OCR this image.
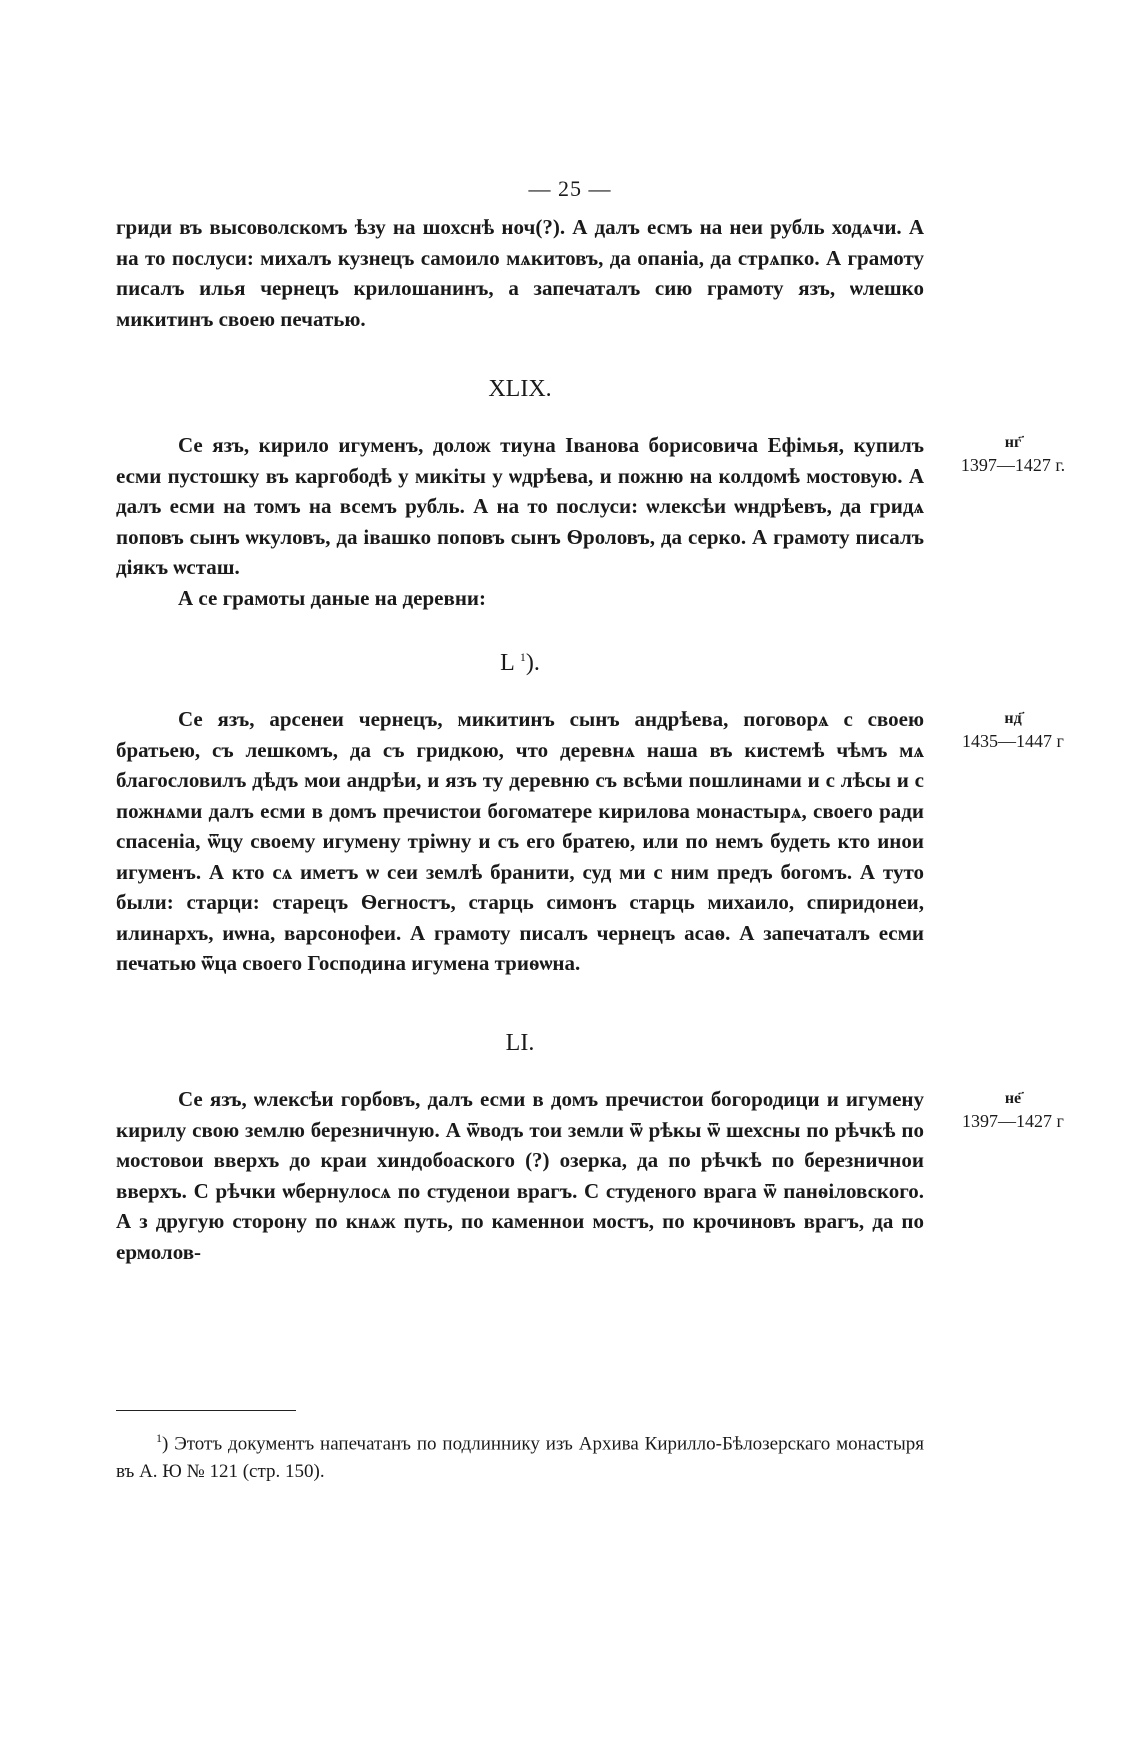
— 25 —

гриди въ высоволскомъ ѣзу на шохснѣ ноч(?). А далъ есмъ на неи рубль ходѧчи. А на то послуси: михалъ кузнецъ самоило мѧкитовъ, да опанiа, да стрѧпко. А грамоту писалъ илья чернецъ крилошанинъ, а запечаталъ сию грамоту язъ, ѡлешко микитинъ своею печатью.

XLIX.
нг҃
1397—1427 г.

Се язъ, кирило игуменъ, долож тиуна Iванова борисовича Ефiмья, купилъ есми пустошку въ каргободѣ у микiты у ѡдрѣева, и пожню на колдомѣ мостовую. А далъ есми на томъ на всемъ рубль. А на то послуси: ѡлексѣи ѡндрѣевъ, да гридѧ поповъ сынъ ѡкуловъ, да iвашко поповъ сынъ Ѳроловъ, да серко. А грамоту писалъ дiякъ ѡсташ.

А се грамоты даные на деревни:

L $^1$).
нд҃
1435—1447 г

Се язъ, арсенеи чернецъ, микитинъ сынъ андрѣева, поговорѧ с своею братьею, съ лешкомъ, да съ гридкою, что деревнѧ наша въ кистемѣ чѣмъ мѧ благословилъ дѣдъ мои андрѣи, и язъ ту деревню съ всѣми пошлинами и с лѣсы и с пожнѧми далъ есми в домъ пречистои богоматере кирилова монастырѧ, своего ради спасенiа, ѿцу своему игумену трiѡну и съ его братею, или по немъ будеть кто инои игуменъ. А кто сѧ иметъ ѡ сеи землѣ бранити, суд ми с ним предъ богомъ. А туто были: старци: старецъ Ѳегностъ, старць симонъ старць михаило, спиридонеи, илинархъ, иѡна, варсонофеи. А грамоту писалъ чернецъ асаѳ. А запечаталъ есми печатью ѿца своего Господина игумена триѳѡна.

LI.
не҃
1397—1427 г

Се язъ, ѡлексѣи горбовъ, далъ есми в домъ пречистои богородици и игумену кирилу свою землю березничную. А ѿводъ тои земли ѿ рѣкы ѿ шехсны по рѣчкѣ по мостовои вверхъ до краи хиндобоаского (?) озерка, да по рѣчкѣ по березничнои вверхъ. С рѣчки ѡбернулосѧ по студенои врагъ. С студеного врага ѿ панѳiловского. А з другую сторону по кнѧж путь, по каменнои мостъ, по крочиновъ врагъ, да по ермолов-

$^1$) Этотъ документъ напечатанъ по подлиннику изъ Архива Кирилло-Бѣлозерскаго монастыря въ А. Ю № 121 (стр. 150).
